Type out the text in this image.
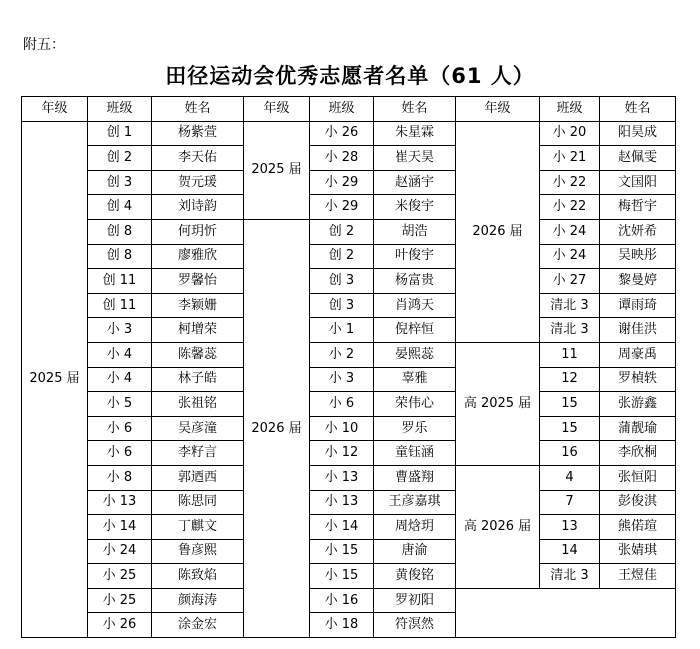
附五：
田径运动会优秀志愿者名单（61 人）
年级	班级	姓名	年级	班级	姓名	年级	班级	姓名
2025 届	创 1	杨紫萱	2025 届	小 26	朱星霖	2026 届	小 20	阳昊成
	创 2	李天佑		小 28	崔天昊		小 21	赵佩雯
	创 3	贺元瑗		小 29	赵涵宇		小 22	文国阳
	创 4	刘诗韵		小 29	米俊宇		小 22	梅哲宇
	创 8	何玥忻	2026 届	创 2	胡浩		小 24	沈妍希
	创 8	廖雅欣		创 2	叶俊宇		小 24	吴映彤
	创 11	罗馨怡		创 3	杨富贵		小 27	黎曼婷
	创 11	李颖姗		创 3	肖鸿天		清北 3	谭雨琦
	小 3	柯增荣		小 1	倪梓恒		清北 3	谢佳洪
	小 4	陈馨蕊		小 2	晏熙蕊	高 2025 届	11	周豪禹
	小 4	林子皓		小 3	辜雅		12	罗楨轶
	小 5	张祖铭		小 6	荣伟心		15	张游鑫
	小 6	吴彦潼		小 10	罗乐		15	蒲靓瑜
	小 6	李籽言		小 12	童钰涵		16	李欣桐
	小 8	郭迺西		小 13	曹盛翔	高 2026 届	4	张恒阳
	小 13	陈思同		小 13	王彦嘉琪		7	彭俊淇
	小 14	丁麒文		小 14	周焓玥		13	熊偌瑄
	小 24	鲁彦熙		小 15	唐渝		14	张婧琪
	小 25	陈致焰		小 15	黄俊铭		清北 3	王煜佳
	小 25	颜海涛		小 16	罗初阳			
	小 26	涂金宏		小 18	符溟然			
